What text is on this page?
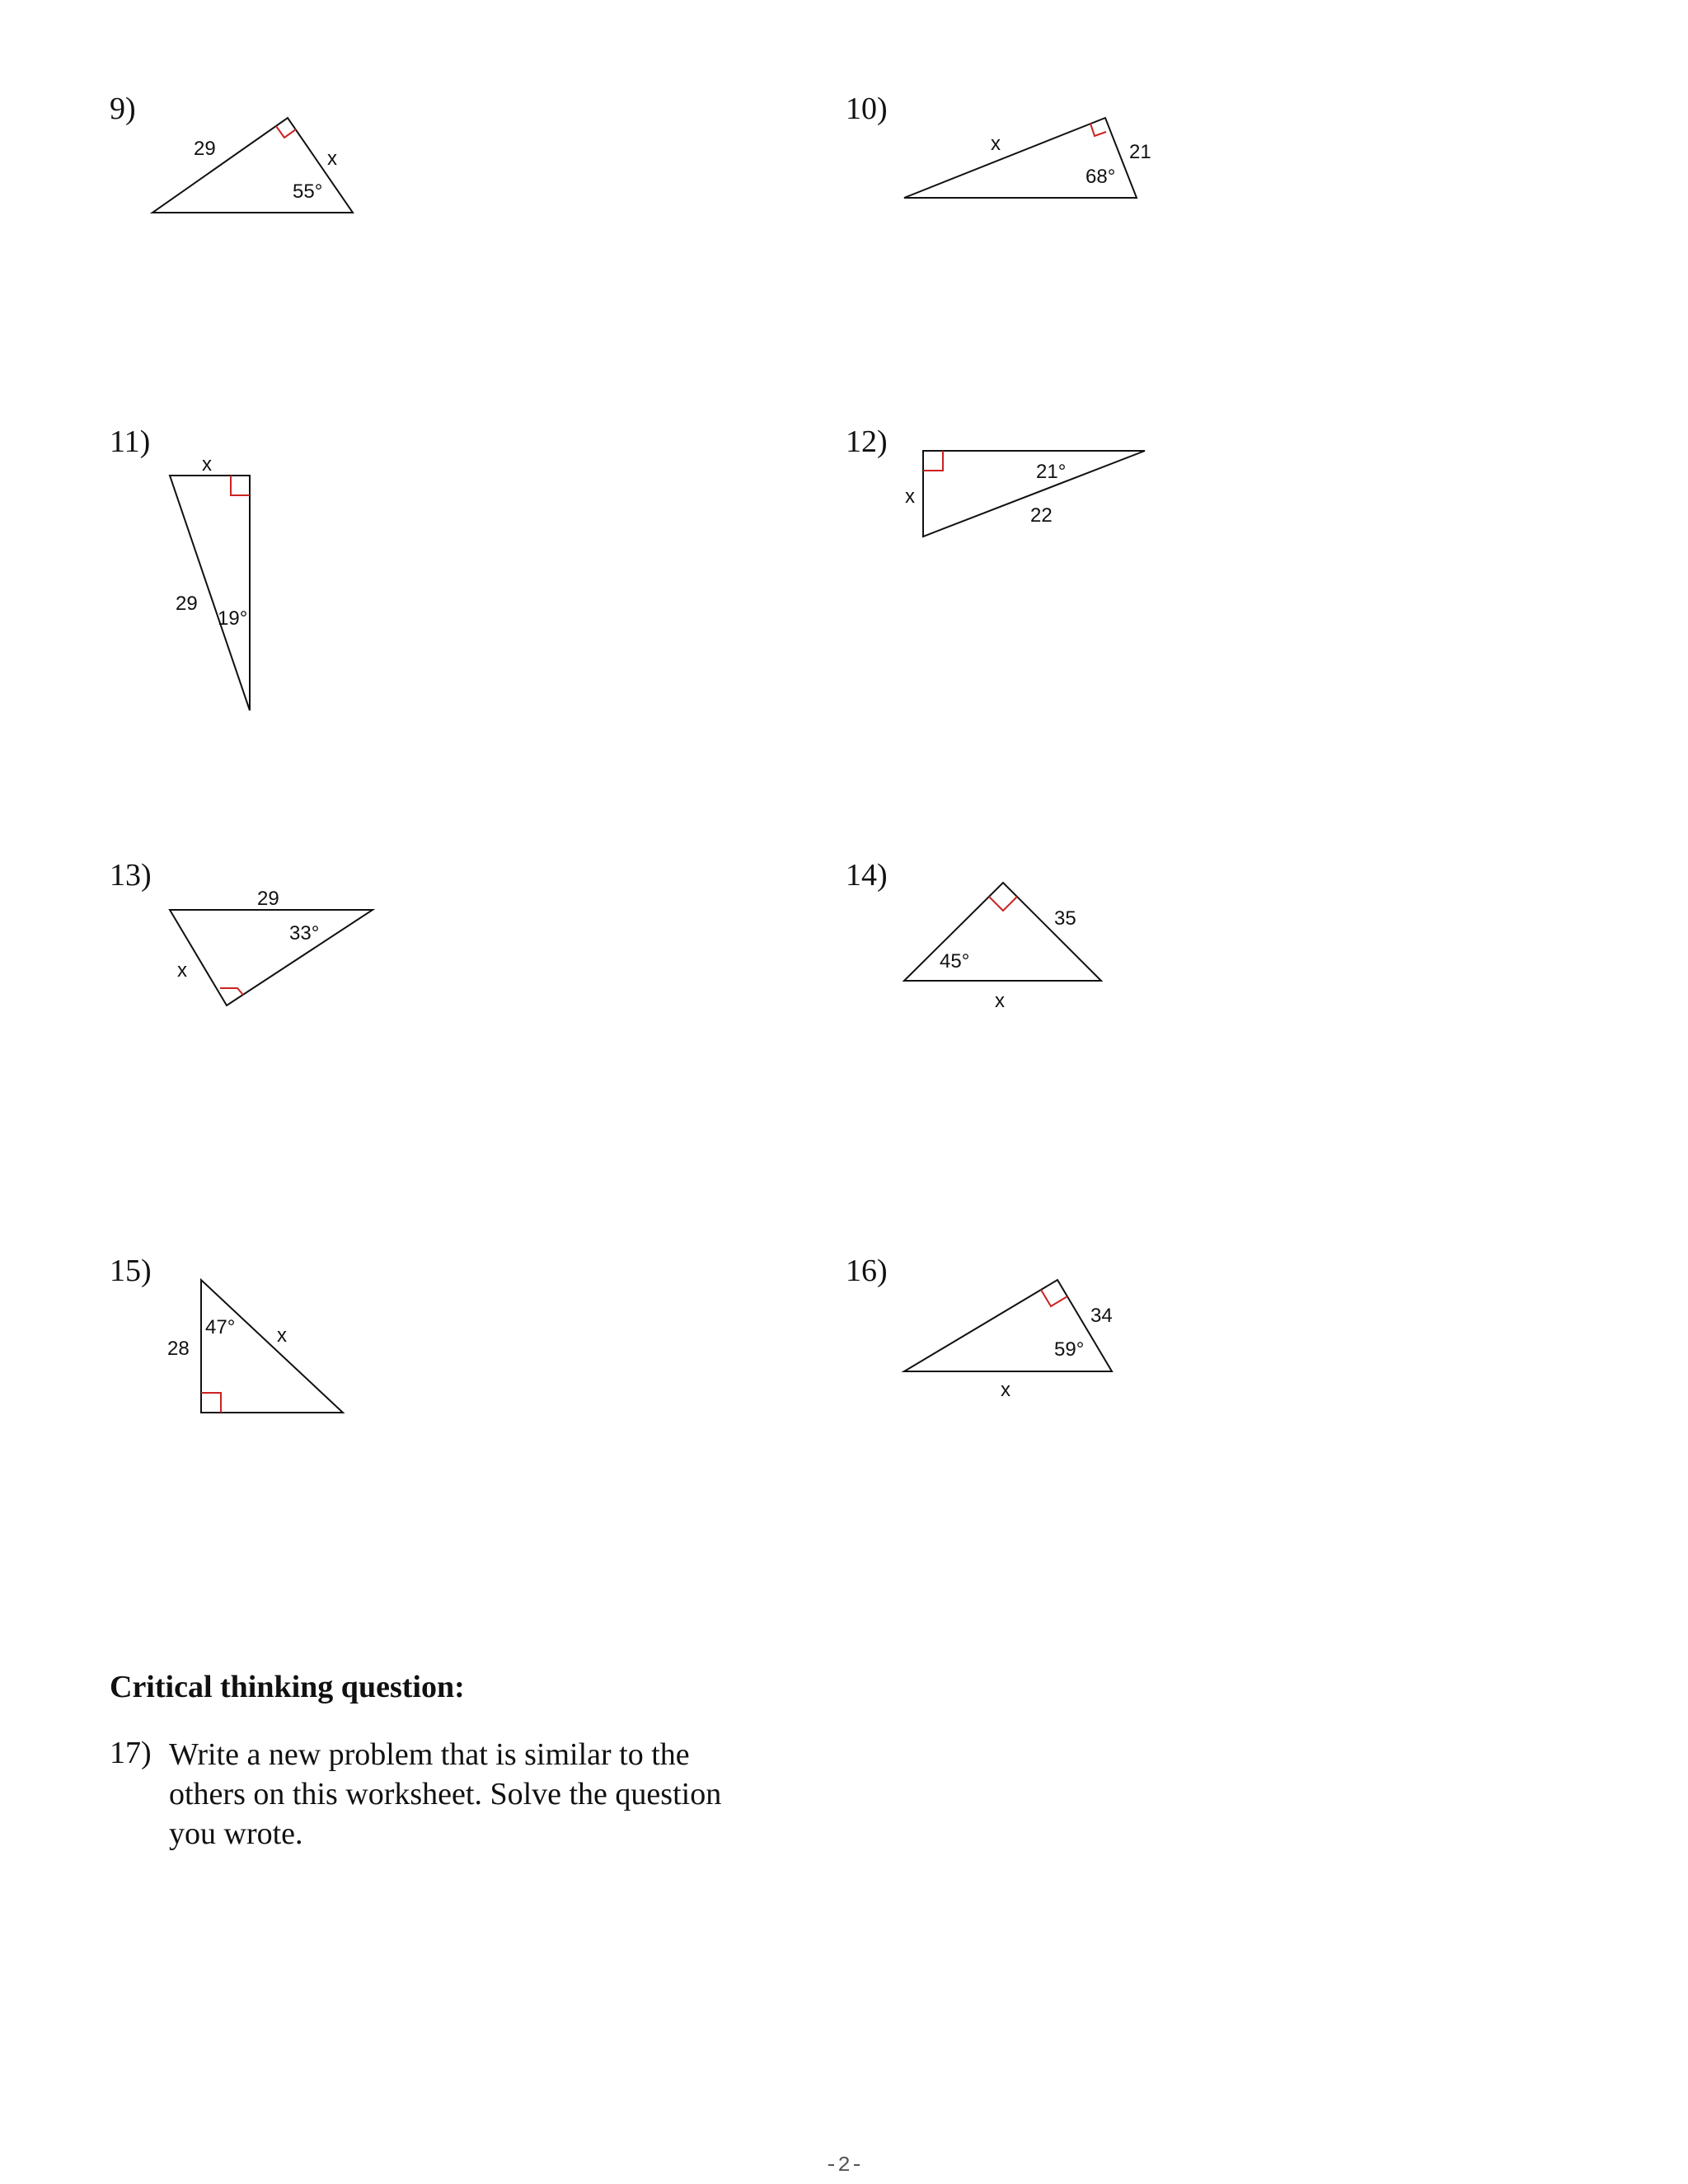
9)	10)
11)	12)
13)	14)
15)	16)
29	x
55°
x	21
68°
x
29
19°
21°
x
22
29
33°
x
35
45°
x
47°
28
x
34
59°
x
Critical thinking question:
17) Write a new problem that is similar to the others on this worksheet. Solve the question you wrote.
-2-
